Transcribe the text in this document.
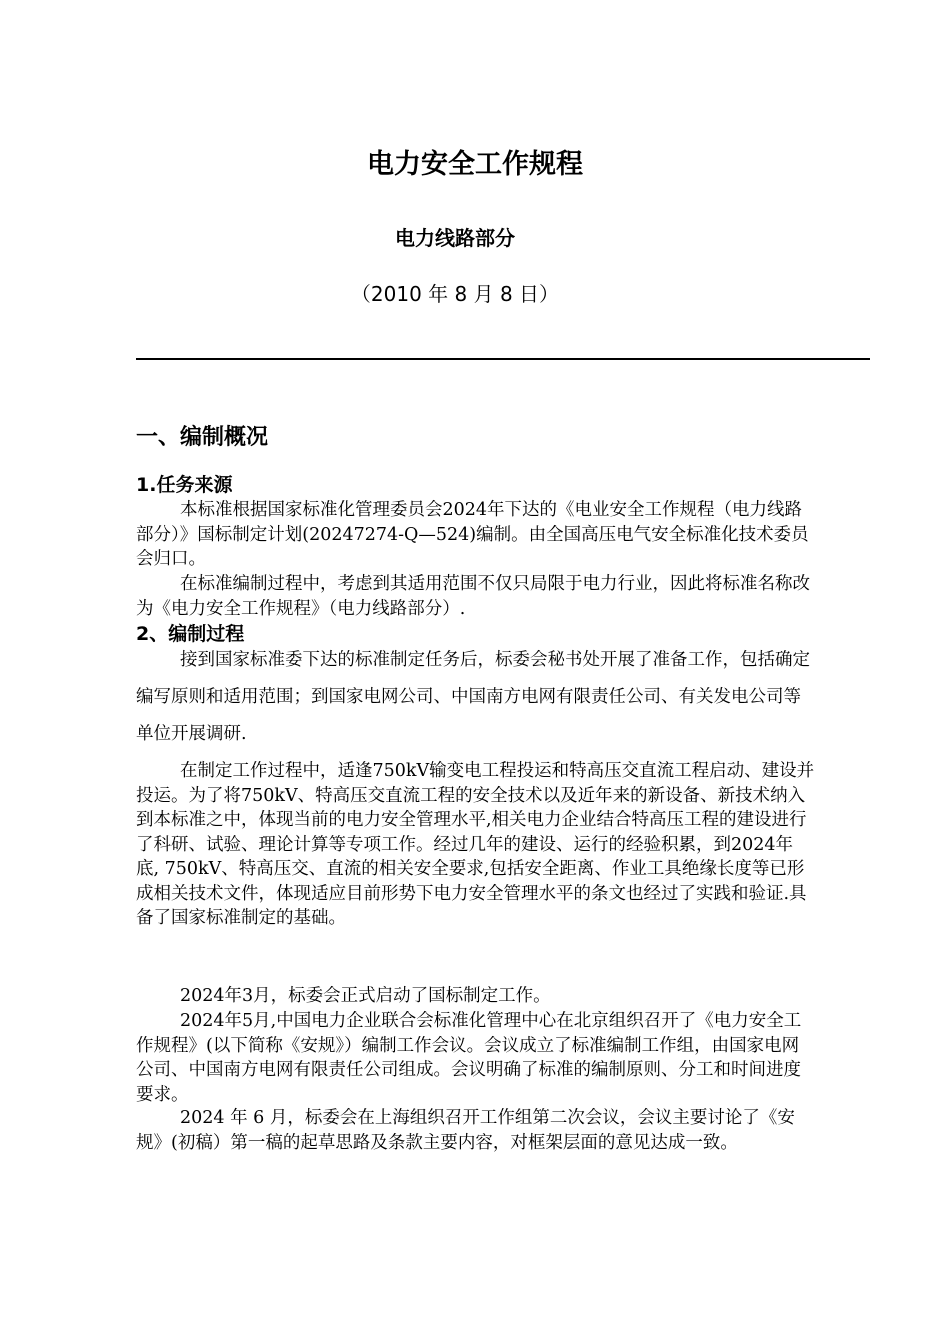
电力安全工作规程
电力线路部分
（2010 年 8 月 8 日）
一、编制概况
1.任务来源

本标准根据国家标准化管理委员会2024年下达的《电业安全工作规程（电力线路部分）》国标制定计划(20247274-Q—524)编制。由全国高压电气安全标准化技术委员会归口。

在标准编制过程中，考虑到其适用范围不仅只局限于电力行业，因此将标准名称改为《电力安全工作规程》（电力线路部分）.

2、编制过程

接到国家标准委下达的标准制定任务后，标委会秘书处开展了准备工作，包括确定编写原则和适用范围；到国家电网公司、中国南方电网有限责任公司、有关发电公司等单位开展调研.

在制定工作过程中，适逢750kV输变电工程投运和特高压交直流工程启动、建设并投运。为了将750kV、特高压交直流工程的安全技术以及近年来的新设备、新技术纳入到本标准之中，体现当前的电力安全管理水平,相关电力企业结合特高压工程的建设进行了科研、试验、理论计算等专项工作。经过几年的建设、运行的经验积累，到2024年底, 750kV、特高压交、直流的相关安全要求,包括安全距离、作业工具绝缘长度等已形成相关技术文件，体现适应目前形势下电力安全管理水平的条文也经过了实践和验证.具备了国家标准制定的基础。

2024年3月，标委会正式启动了国标制定工作。

2024年5月,中国电力企业联合会标准化管理中心在北京组织召开了《电力安全工作规程》(以下简称《安规》）编制工作会议。会议成立了标准编制工作组，由国家电网公司、中国南方电网有限责任公司组成。会议明确了标准的编制原则、分工和时间进度要求。

2024 年 6 月，标委会在上海组织召开工作组第二次会议，会议主要讨论了《安规》(初稿）第一稿的起草思路及条款主要内容，对框架层面的意见达成一致。
